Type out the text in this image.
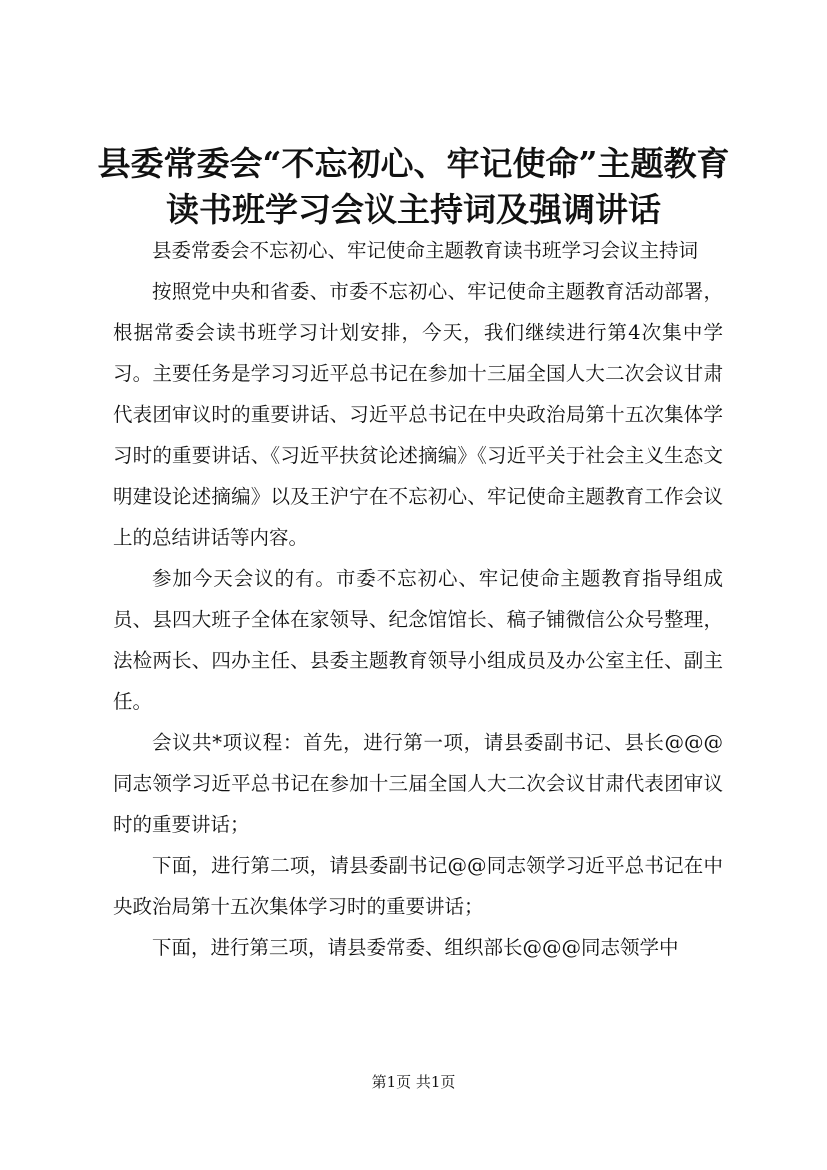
县委常委会“不忘初心、牢记使命”主题教育
读书班学习会议主持词及强调讲话

县委常委会不忘初心、牢记使命主题教育读书班学习会议主持词

按照党中央和省委、市委不忘初心、牢记使命主题教育活动部署，根据常委会读书班学习计划安排，今天，我们继续进行第4次集中学习。主要任务是学习习近平总书记在参加十三届全国人大二次会议甘肃代表团审议时的重要讲话、习近平总书记在中央政治局第十五次集体学习时的重要讲话、《习近平扶贫论述摘编》《习近平关于社会主义生态文明建设论述摘编》以及王沪宁在不忘初心、牢记使命主题教育工作会议上的总结讲话等内容。

参加今天会议的有。市委不忘初心、牢记使命主题教育指导组成员、县四大班子全体在家领导、纪念馆馆长、稿子铺微信公众号整理，法检两长、四办主任、县委主题教育领导小组成员及办公室主任、副主任。

会议共*项议程：首先，进行第一项，请县委副书记、县长@@@同志领学习近平总书记在参加十三届全国人大二次会议甘肃代表团审议时的重要讲话；

下面，进行第二项，请县委副书记@@同志领学习近平总书记在中央政治局第十五次集体学习时的重要讲话；

下面，进行第三项，请县委常委、组织部长@@@同志领学中

第1页 共1页
